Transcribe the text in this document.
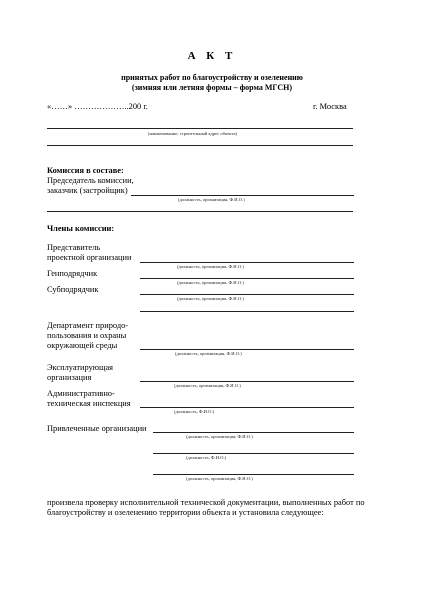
А К Т
принятых работ по благоустройству и озеленению
(зимняя или летняя формы – форма МГСН)
«……» ………………..200 г.	г. Москва
(наименование, строительный адрес объекта)
Комиссия в составе:
Председатель комиссии,
заказчик (застройщик)
(должность, организация, Ф.И.О.)
Члены комиссии:
Представитель
проектной организации
(должность, организация, Ф.И.О.)
Генподрядчик
(должность, организация, Ф.И.О.)
Субподрядчик
(должность, организация, Ф.И.О.)
Департамент природо-
пользования и охраны
окружающей среды
(должность, организация, Ф.И.О.)
Эксплуатирующая
организация
(должность, организация, Ф.И.О.)
Административно-
техническая инспекция
(должность, Ф.И.О.)
Привлеченные организации
(должность, организация, Ф.И.О.)
(должность, Ф.И.О.)
(должность, организация, Ф.И.О.)
произвела проверку исполнительной технической документации, выполненных работ по благоустройству и озеленению территории объекта и установила следующее:
